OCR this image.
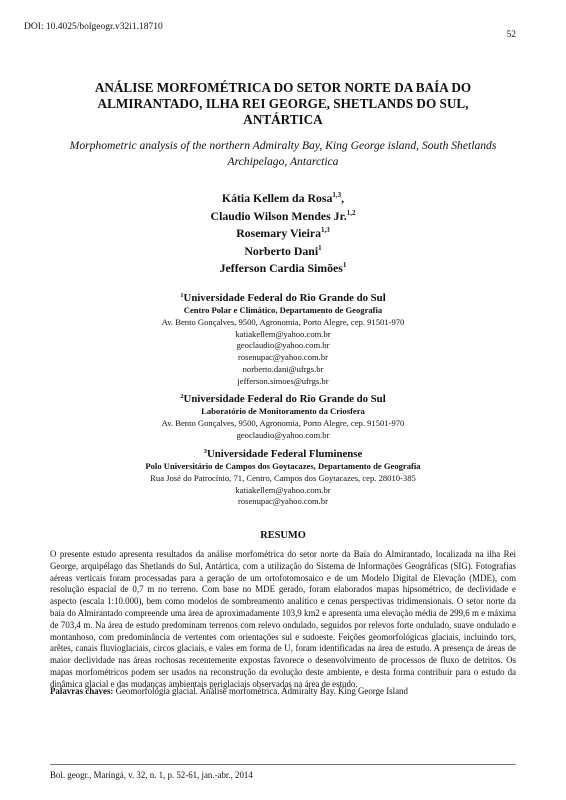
DOI: 10.4025/bolgeogr.v32i1.18710
52
ANÁLISE MORFOMÉTRICA DO SETOR NORTE DA BAÍA DO ALMIRANTADO, ILHA REI GEORGE, SHETLANDS DO SUL, ANTÁRTICA

Morphometric analysis of the northern Admiralty Bay, King George island, South Shetlands Archipelago, Antarctica

Kátia Kellem da Rosa$^{1,3}$,
Claudio Wilson Mendes Jr.$^{1,2}$
Rosemary Vieira$^{1,3}$
Norberto Dani$^1$
Jefferson Cardia Simões$^1$
$^1$Universidade Federal do Rio Grande do Sul
Centro Polar e Climático, Departamento de Geografia
Av. Bento Gonçalves, 9500, Agronomia, Porto Alegre, cep. 91501-970
katiakellem@yahoo.com.br
geoclaudio@yahoo.com.br
rosenupac@yahoo.com.br
norberto.dani@ufrgs.br
jefferson.simoes@ufrgs.br
$^2$Universidade Federal do Rio Grande do Sul
Laboratório de Monitoramento da Criosfera
Av. Bento Gonçalves, 9500, Agronomia, Porto Alegre, cep. 91501-970
geoclaudio@yahoo.com.br
$^3$Universidade Federal Fluminense
Polo Universitário de Campos dos Goytacazes, Departamento de Geografia
Rua José do Patrocínio, 71, Centro, Campos dos Goytacazes, cep. 28010-385
katiakellem@yahoo.com.br
rosenupac@yahoo.com.br
RESUMO

O presente estudo apresenta resultados da análise morfométrica do setor norte da Baía do Almirantado, localizada na ilha Rei George, arquipélago das Shetlands do Sul, Antártica, com a utilização do Sistema de Informações Geográficas (SIG). Fotografias aéreas verticais foram processadas para a geração de um ortofotomosaico e de um Modelo Digital de Elevação (MDE), com resolução espacial de 0,7 m no terreno. Com base no MDE gerado, foram elaborados mapas hipsométrico, de declividade e aspecto (escala 1:10.000), bem como modelos de sombreamento analítico e cenas perspectivas tridimensionais. O setor norte da baía do Almirantado compreende uma área de aproximadamente 103,9 km2 e apresenta uma elevação média de 299,6 m e máxima de 703,4 m. Na área de estudo predominam terrenos com relevo ondulado, seguidos por relevos forte ondulado, suave ondulado e montanhoso, com predominância de vertentes com orientações sul e sudoeste. Feições geomorfológicas glaciais, incluindo tors, arêtes, canais fluvioglaciais, circos glaciais, e vales em forma de U, foram identificadas na área de estudo. A presença de áreas de maior declividade nas áreas rochosas recentemente expostas favorece o desenvolvimento de processos de fluxo de detritos. Os mapas morfométricos podem ser usados na reconstrução da evolução deste ambiente, e desta forma contribuir para o estudo da dinâmica glacial e das mudanças ambientais periglaciais observadas na área de estudo.

Palavras chaves: Geomorfologia glacial. Análise morfométrica. Admiralty Bay. King George Island
Bol. geogr., Maringá, v. 32, n. 1, p. 52-61, jan.-abr., 2014
